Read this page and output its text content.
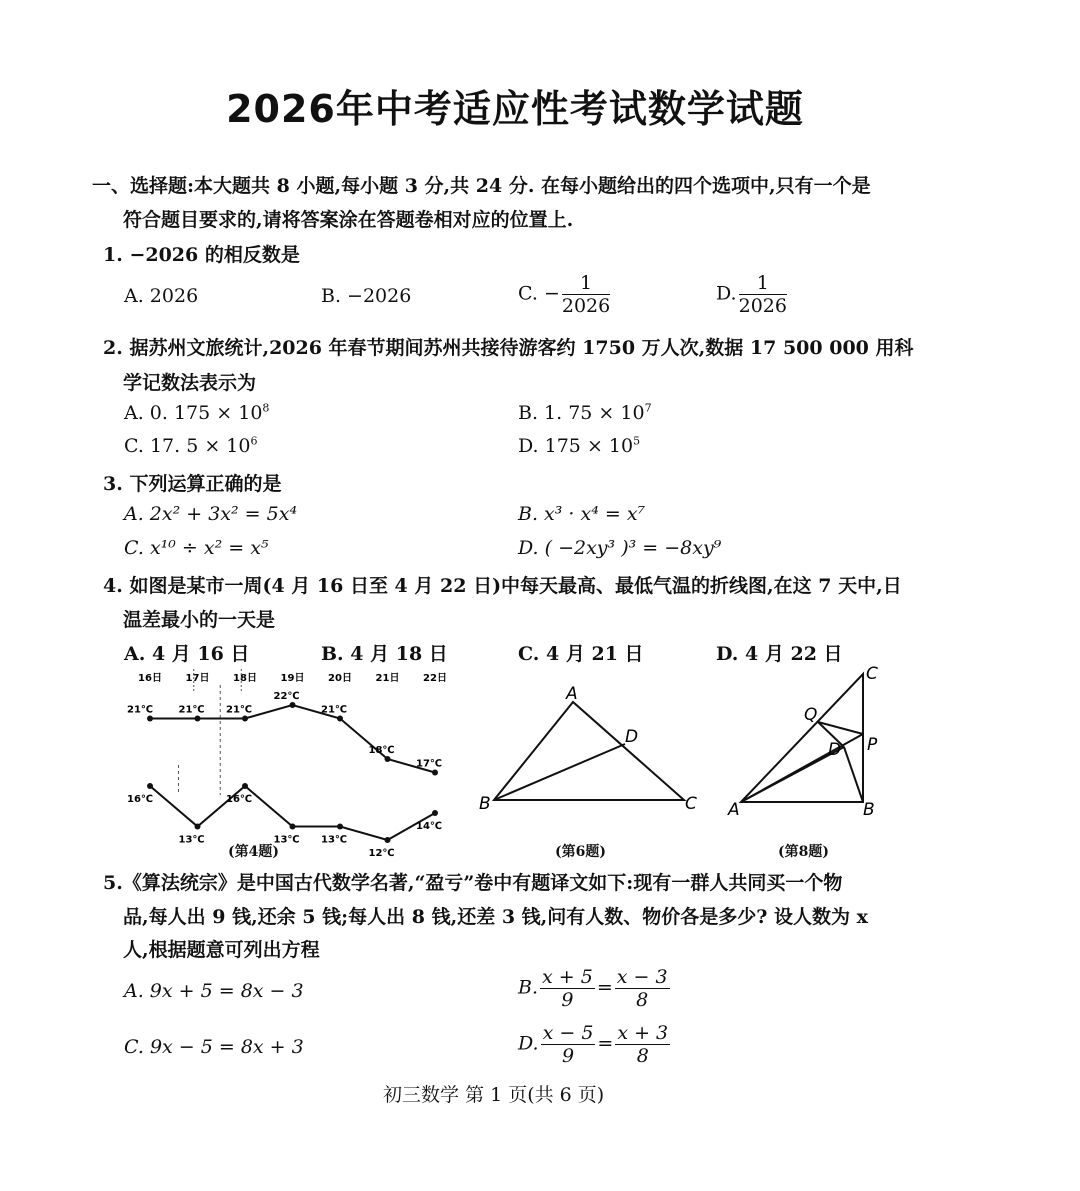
2026年中考适应性考试数学试题
一、选择题:本大题共 8 小题,每小题 3 分,共 24 分. 在每小题给出的四个选项中,只有一个是
符合题目要求的,请将答案涂在答题卷相对应的位置上.
1. −2026 的相反数是
A. 2026	B. −2026	C. − $\frac{1}{2026}$	D. $\frac{1}{2026}$
2. 据苏州文旅统计,2026 年春节期间苏州共接待游客约 1750 万人次,数据 17 500 000 用科
学记数法表示为
A. 0. $175 \times 10^8$	B. 1. $75 \times 10^7$
C. 17. $5 \times 10^6$	D. $175 \times 10^5$
3. 下列运算正确的是
A. 2x² + 3x² = 5x⁴	B. x³ · x⁴ = x⁷
C. x¹⁰ ÷ x² = x⁵	D. ( −2xy³ )³ = −8xy⁹
4. 如图是某市一周(4 月 16 日至 4 月 22 日)中每天最高、最低气温的折线图,在这 7 天中,日
温差最小的一天是
A. 4 月 16 日	B. 4 月 18 日	C. 4 月 21 日	D. 4 月 22 日
16日 17日 18日 19日 20日 21日 22日
21℃	21℃ 21℃
22℃
21℃
18℃
17℃
16℃
13℃
16℃
13℃ 13℃
12℃
14℃
A
B	C
D
C
Q
D P
A	B
(第4题)	(第6题)	(第8题)
5.《算法统宗》是中国古代数学名著,“盈亏”卷中有题译文如下:现有一群人共同买一个物
品,每人出 9 钱,还余 5 钱;每人出 8 钱,还差 3 钱,问有人数、物价各是多少? 设人数为 x
人,根据题意可列出方程
A. 9x + 5 = 8x − 3	B. $\frac{x + 5}{9} = \frac{x - 3}{8}$
C. 9x − 5 = 8x + 3	D. $\frac{x - 5}{9} = \frac{x + 3}{8}$
初三数学 第 1 页(共 6 页)
